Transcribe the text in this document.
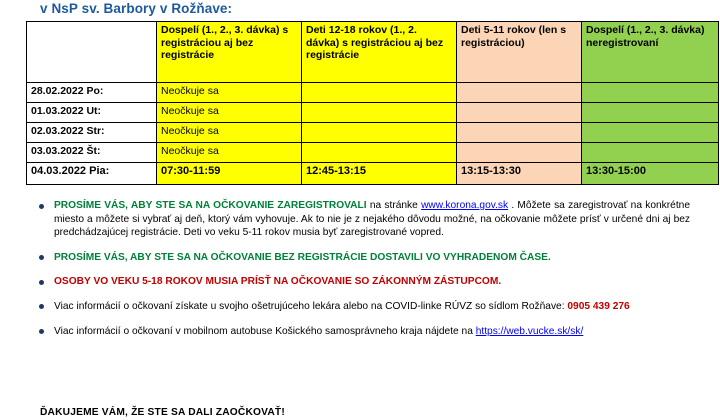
v NsP sv. Barbory v Rožňave:
	Dospelí (1., 2., 3. dávka) s registráciou aj bez registrácie	Deti 12-18 rokov (1., 2. dávka) s registráciou aj bez registrácie	Deti 5-11 rokov (len s registráciou)	Dospelí (1., 2., 3. dávka) neregistrovaní
28.02.2022 Po:	Neočkuje sa			
01.03.2022 Ut:	Neočkuje sa			
02.03.2022 Str:	Neočkuje sa			
03.03.2022 Št:	Neočkuje sa			
04.03.2022 Pia:	07:30-11:59	12:45-13:15	13:15-13:30	13:30-15:00
PROSÍME VÁS, ABY STE SA NA OČKOVANIE ZAREGISTROVALI na stránke www.korona.gov.sk . Môžete sa zaregistrovať na konkrétne miesto a môžete si vybrať aj deň, ktorý vám vyhovuje. Ak to nie je z nejakého dôvodu možné, na očkovanie môžete prísť v určené dni aj bez predchádzajúcej registrácie. Deti vo veku 5-11 rokov musia byť zaregistrované vopred.
PROSÍME VÁS, ABY STE SA NA OČKOVANIE BEZ REGISTRÁCIE DOSTAVILI VO VYHRADENOM ČASE.
OSOBY VO VEKU 5-18 ROKOV MUSIA PRÍSŤ NA OČKOVANIE SO ZÁKONNÝM ZÁSTUPCOM.
Viac informácií o očkovaní získate u svojho ošetrujúceho lekára alebo na COVID-linke RÚVZ so sídlom Rožňave: 0905 439 276
Viac informácií o očkovaní v mobilnom autobuse Košického samosprávneho kraja nájdete na https://web.vucke.sk/sk/
ĎAKUJEME VÁM, ŽE STE SA DALI ZAOČKOVAŤ!
